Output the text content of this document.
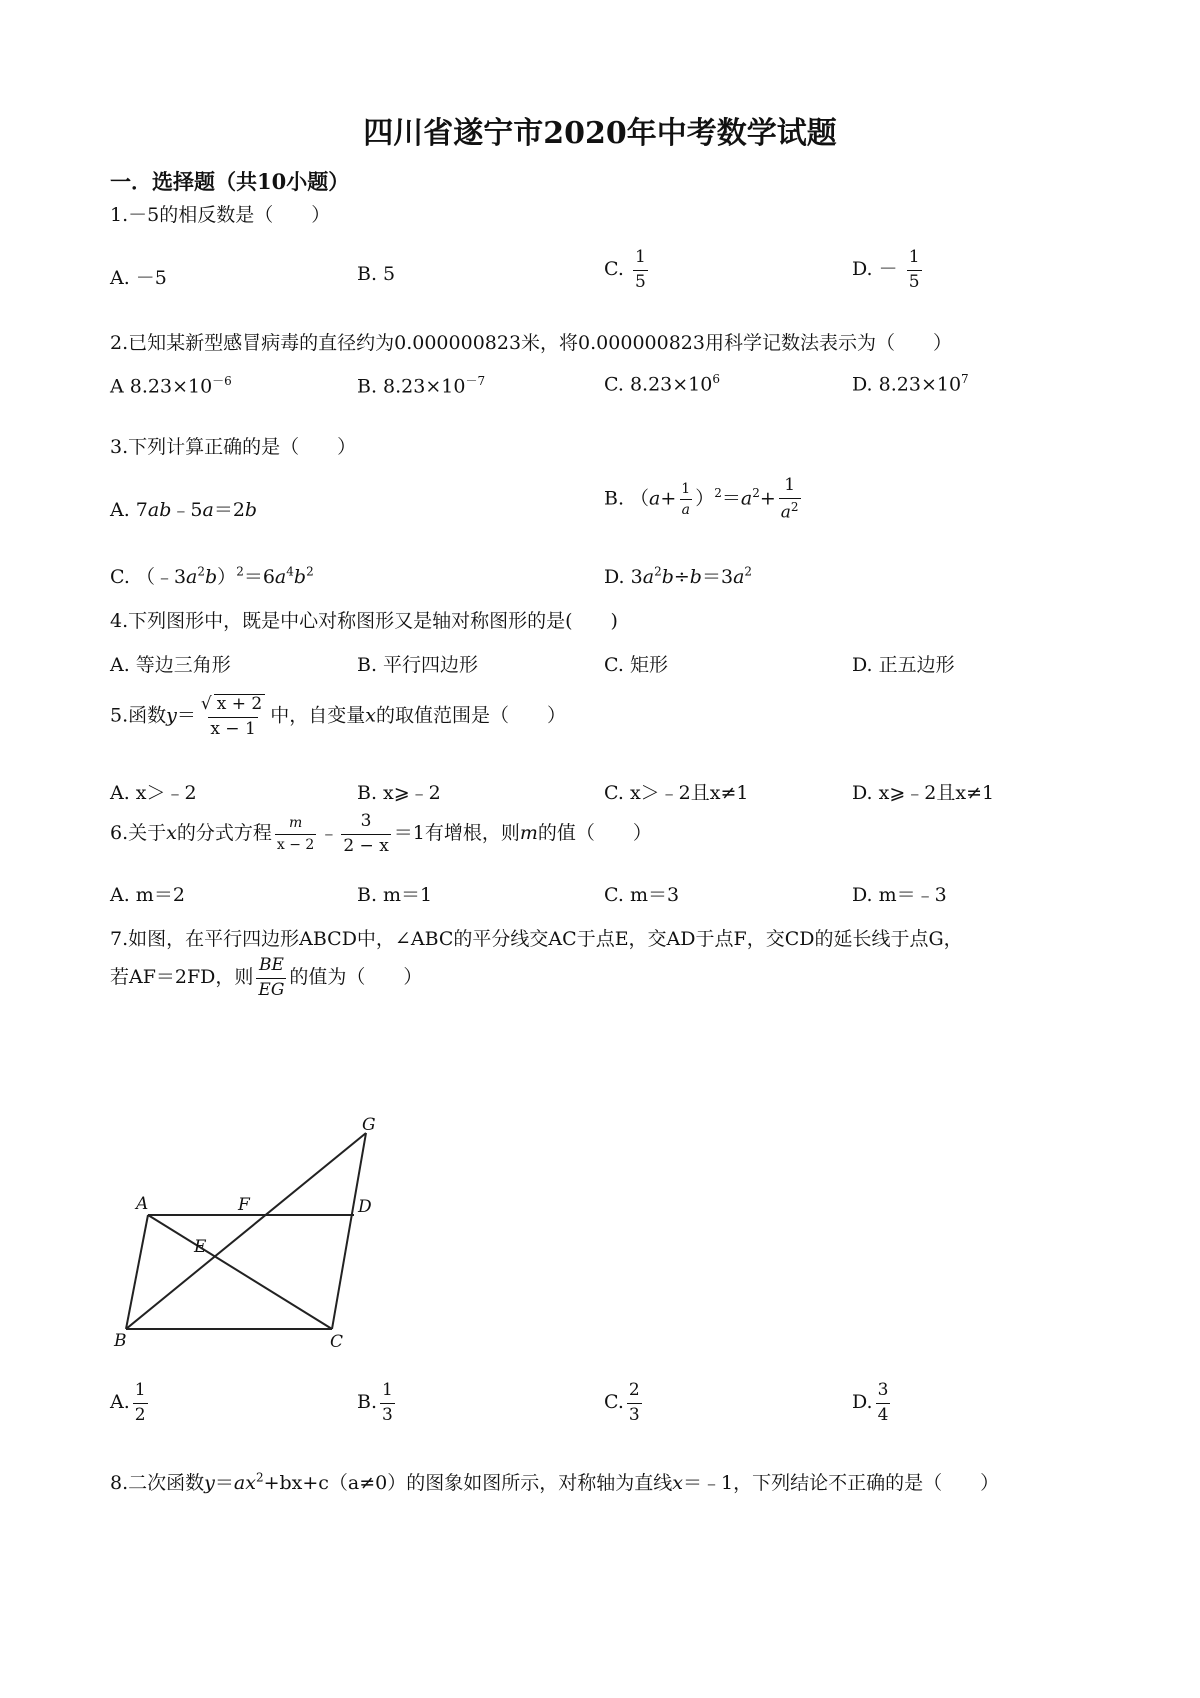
四川省遂宁市2020年中考数学试题
一．选择题（共10小题）
1.－5的相反数是（　　）
A. －5	B. 5	C. $\frac{1}{5}$	D. － $\frac{1}{5}$
2.已知某新型感冒病毒的直径约为0.000000823米，将0.000000823用科学记数法表示为（　　）
A $8.23\times 10^{-6}$	B. $8.23\times 10^{-7}$	C. $8.23\times 10^6$	D. $8.23\times 10^7$
3.下列计算正确的是（　　）
A. 7ab﹣5a＝2b
B. $(a+ \frac{1}{a} )^2=a^2+ \frac{1}{a^2}$
C. $(﹣3a^2b)^2=6a^4b^2$	D. $3a^2b\div b=3a^2$
4.下列图形中，既是中心对称图形又是轴对称图形的是(　　)
A. 等边三角形	B. 平行四边形	C. 矩形	D. 正五边形
5.函数$y= \frac{√ x + 2}{x - 1}$ 中，自变量x的取值范围是（　　）
A. x＞﹣2	B. x⩾﹣2	C. x＞﹣2且x≠1	D. x⩾﹣2且x≠1
6.关于x的分式方程 $\frac{m}{x - 2}$ ﹣ $\frac{3}{2 - x} =1$有增根，则m的值（　　）
A. m＝2	B. m＝1	C. m＝3	D. m＝﹣3
7.如图，在平行四边形ABCD中，∠ABC的平分线交AC于点E，交AD于点F，交CD的延长线于点G，
若AF＝2FD，则 $\frac{BE}{EG}$ 的值为（　　）
A
B	C
D
E
F
G
A. $\frac{1}{2}$	B. $\frac{1}{3}$	C. $\frac{2}{3}$	D. $\frac{3}{4}$
8.二次函数$y=ax^2+bx+c(a\ne 0)$的图象如图所示，对称轴为直线x＝﹣1，下列结论不正确的是（　　）
